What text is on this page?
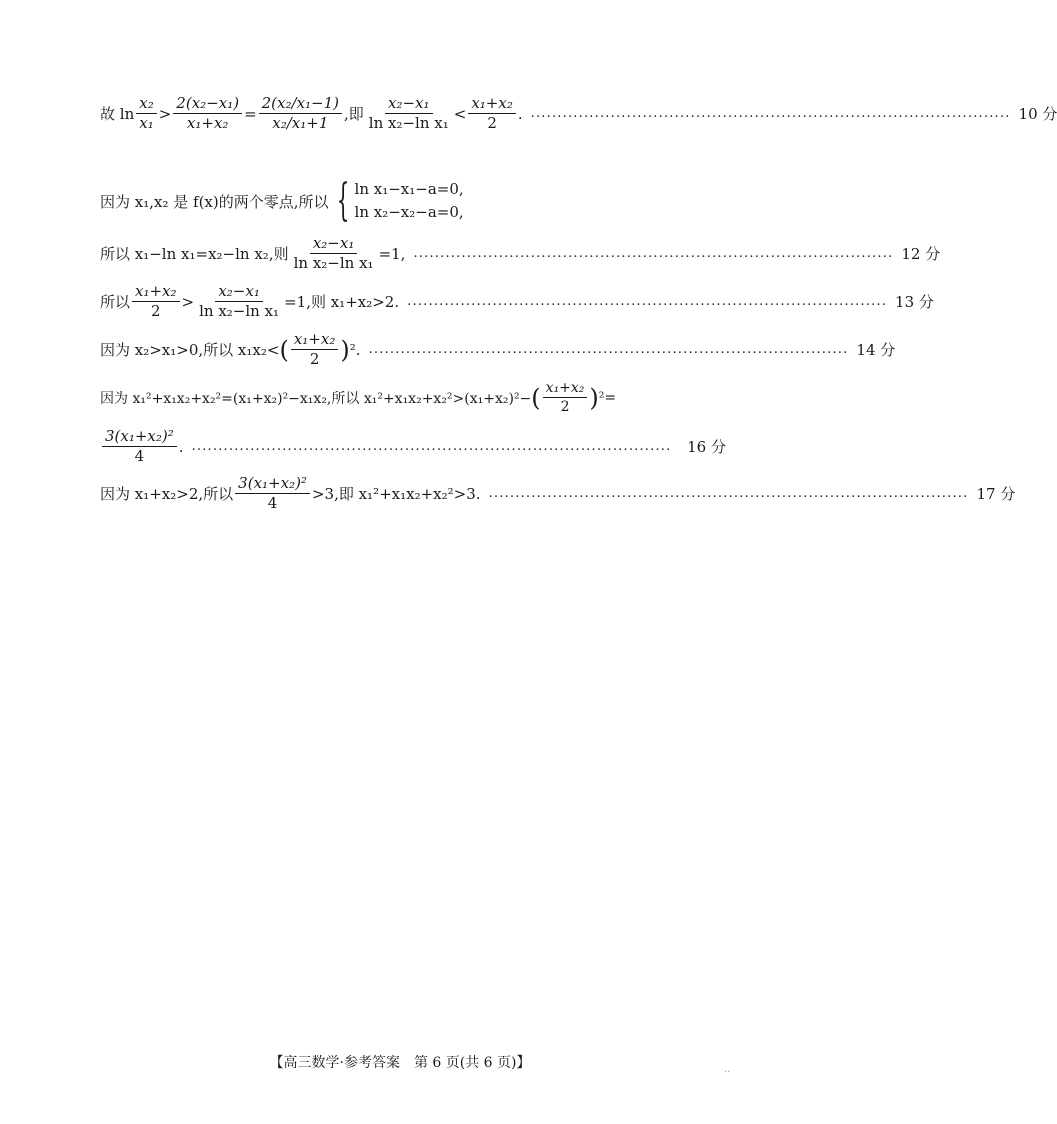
故 $\ln \frac{\text{x₂}}{\text{x₁}} > \frac{\text{2(x₂−x₁)}}{\text{x₁+x₂}} = \frac{\text{2(x₂/x₁−1)}}{\text{x₂/x₁+1}}$ ,即 $\frac{\text{x₂−x₁}}{\text{ln x₂−ln x₁}} < \frac{\text{x₁+x₂}}{2}$ . .......................................................................................... 10 分
因为 x₁,x₂ 是 f(x)的两个零点,所以 { ln x₁−x₁−a=0,
ln x₂−x₂−a=0,
所以 x₁−ln x₁=x₂−ln x₂,则 $\frac{\text{x₂−x₁}}{\text{ln x₂−ln x₁}} =1$, .......................................................................................... 12 分
所以 $\frac{\text{x₁+x₂}}{2} > \frac{\text{x₂−x₁}}{\text{ln x₂−ln x₁}} =1$,则 x₁+x₂>2. .......................................................................................... 13 分
因为 x₂>x₁>0,所以 x₁x₂< ( $\frac{\text{x₁+x₂}}{2}$ ) ². .......................................................................................... 14 分
因为 x₁²+x₁x₂+x₂²=(x₁+x₂)²−x₁x₂,所以 x₁²+x₁x₂+x₂²>(x₁+x₂)²− ( $\frac{\text{x₁+x₂}}{2}$ ) ²=
$\frac{\text{3(x₁+x₂)²}}{4}$ . ..........................................................................................	16 分
因为 x₁+x₂>2,所以 $\frac{\text{3(x₁+x₂)²}}{4} >3$,即 x₁²+x₁x₂+x₂²>3. .......................................................................................... 17 分
【高三数学·参考答案　第 6 页(共 6 页)】	..
